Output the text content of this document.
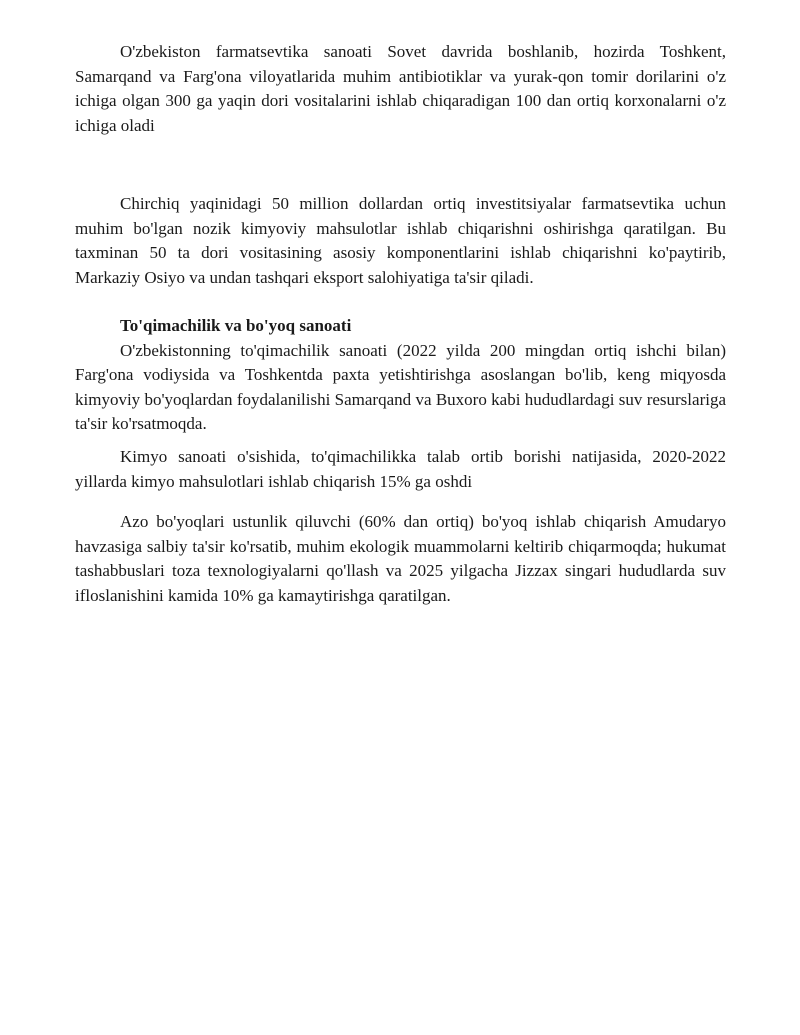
O'zbekiston farmatsevtika sanoati Sovet davrida boshlanib, hozirda Toshkent, Samarqand va Farg'ona viloyatlarida muhim antibiotiklar va yurak-qon tomir dorilarini o'z ichiga olgan 300 ga yaqin dori vositalarini ishlab chiqaradigan 100 dan ortiq korxonalarni o'z ichiga oladi

Chirchiq yaqinidagi 50 million dollardan ortiq investitsiyalar farmatsevtika uchun muhim bo'lgan nozik kimyoviy mahsulotlar ishlab chiqarishni oshirishga qaratilgan. Bu taxminan 50 ta dori vositasining asosiy komponentlarini ishlab chiqarishni ko'paytirib, Markaziy Osiyo va undan tashqari eksport salohiyatiga ta'sir qiladi.

To'qimachilik va bo'yoq sanoati

O'zbekistonning to'qimachilik sanoati (2022 yilda 200 mingdan ortiq ishchi bilan) Farg'ona vodiysida va Toshkentda paxta yetishtirishga asoslangan bo'lib, keng miqyosda kimyoviy bo'yoqlardan foydalanilishi Samarqand va Buxoro kabi hududlardagi suv resurslariga ta'sir ko'rsatmoqda.

Kimyo sanoati o'sishida, to'qimachilikka talab ortib borishi natijasida, 2020-2022 yillarda kimyo mahsulotlari ishlab chiqarish 15% ga oshdi

Azo bo'yoqlari ustunlik qiluvchi (60% dan ortiq) bo'yoq ishlab chiqarish Amudaryo havzasiga salbiy ta'sir ko'rsatib, muhim ekologik muammolarni keltirib chiqarmoqda; hukumat tashabbuslari toza texnologiyalarni qo'llash va 2025 yilgacha Jizzax singari hududlarda suv ifloslanishini kamida 10% ga kamaytirishga qaratilgan.
